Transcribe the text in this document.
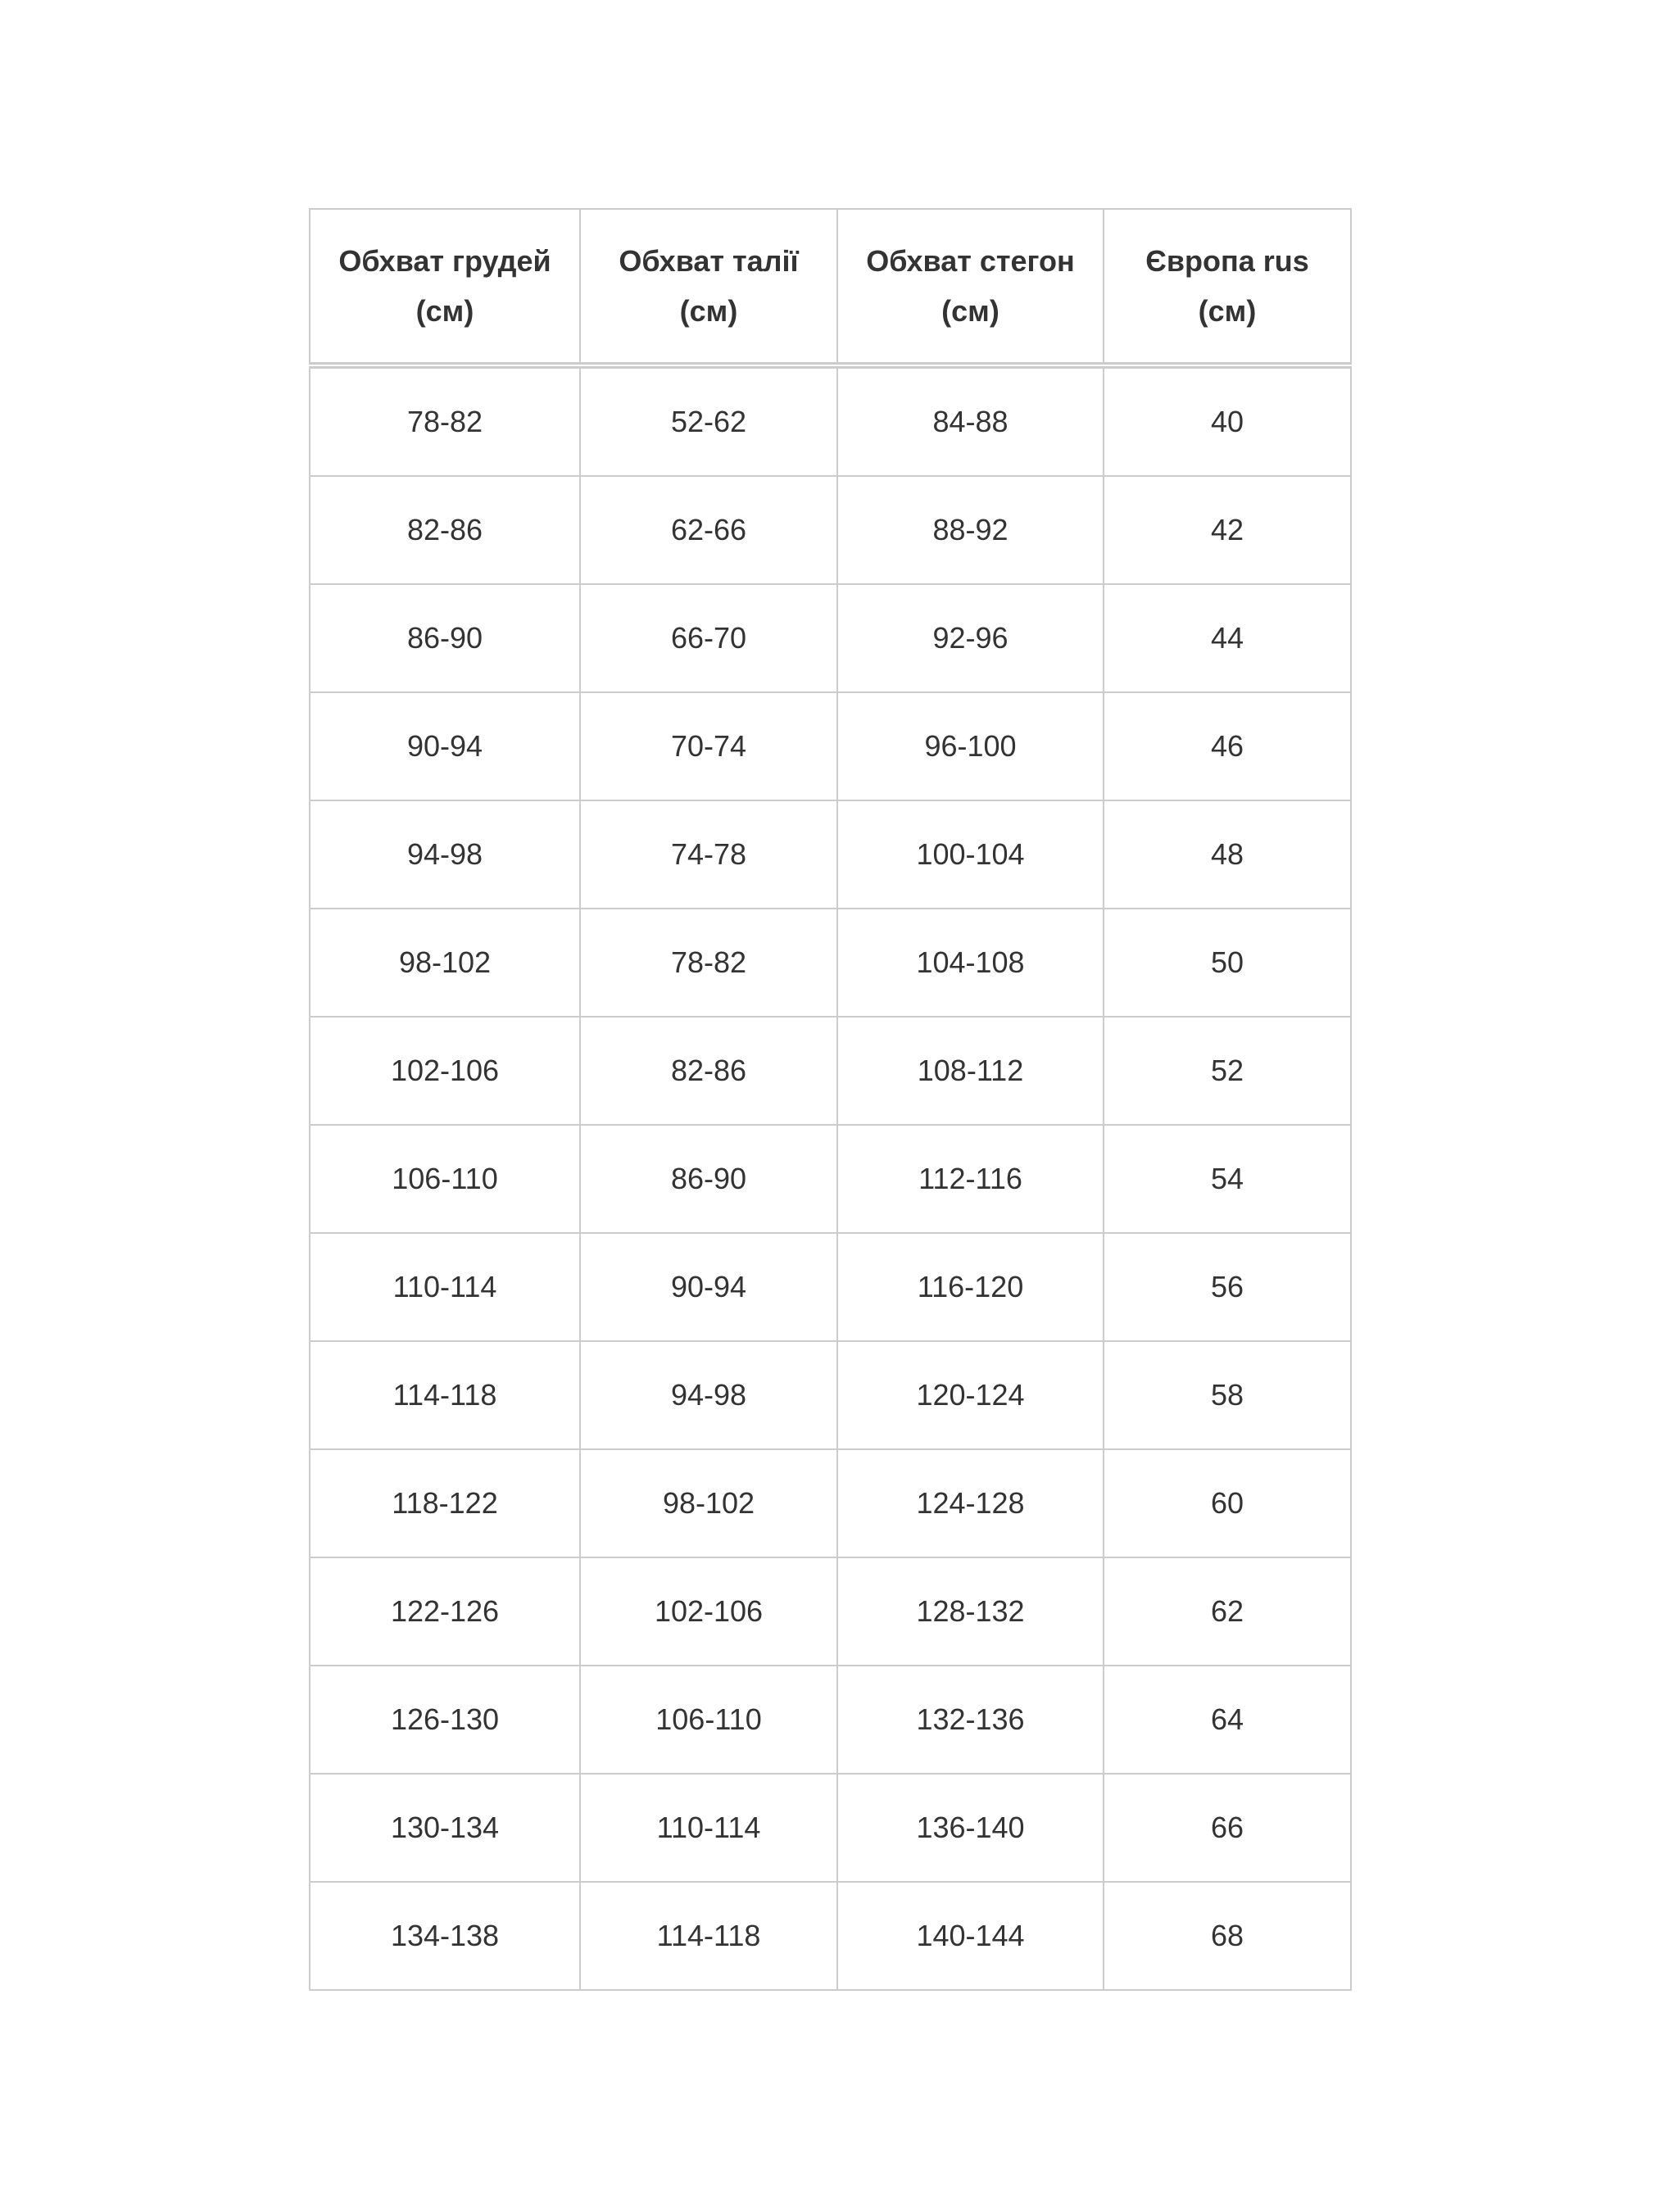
Обхват грудей (см)	Обхват талії (см)	Обхват стегон (см)	Європа rus (см)
78-82	52-62	84-88	40
82-86	62-66	88-92	42
86-90	66-70	92-96	44
90-94	70-74	96-100	46
94-98	74-78	100-104	48
98-102	78-82	104-108	50
102-106	82-86	108-112	52
106-110	86-90	112-116	54
110-114	90-94	116-120	56
114-118	94-98	120-124	58
118-122	98-102	124-128	60
122-126	102-106	128-132	62
126-130	106-110	132-136	64
130-134	110-114	136-140	66
134-138	114-118	140-144	68
